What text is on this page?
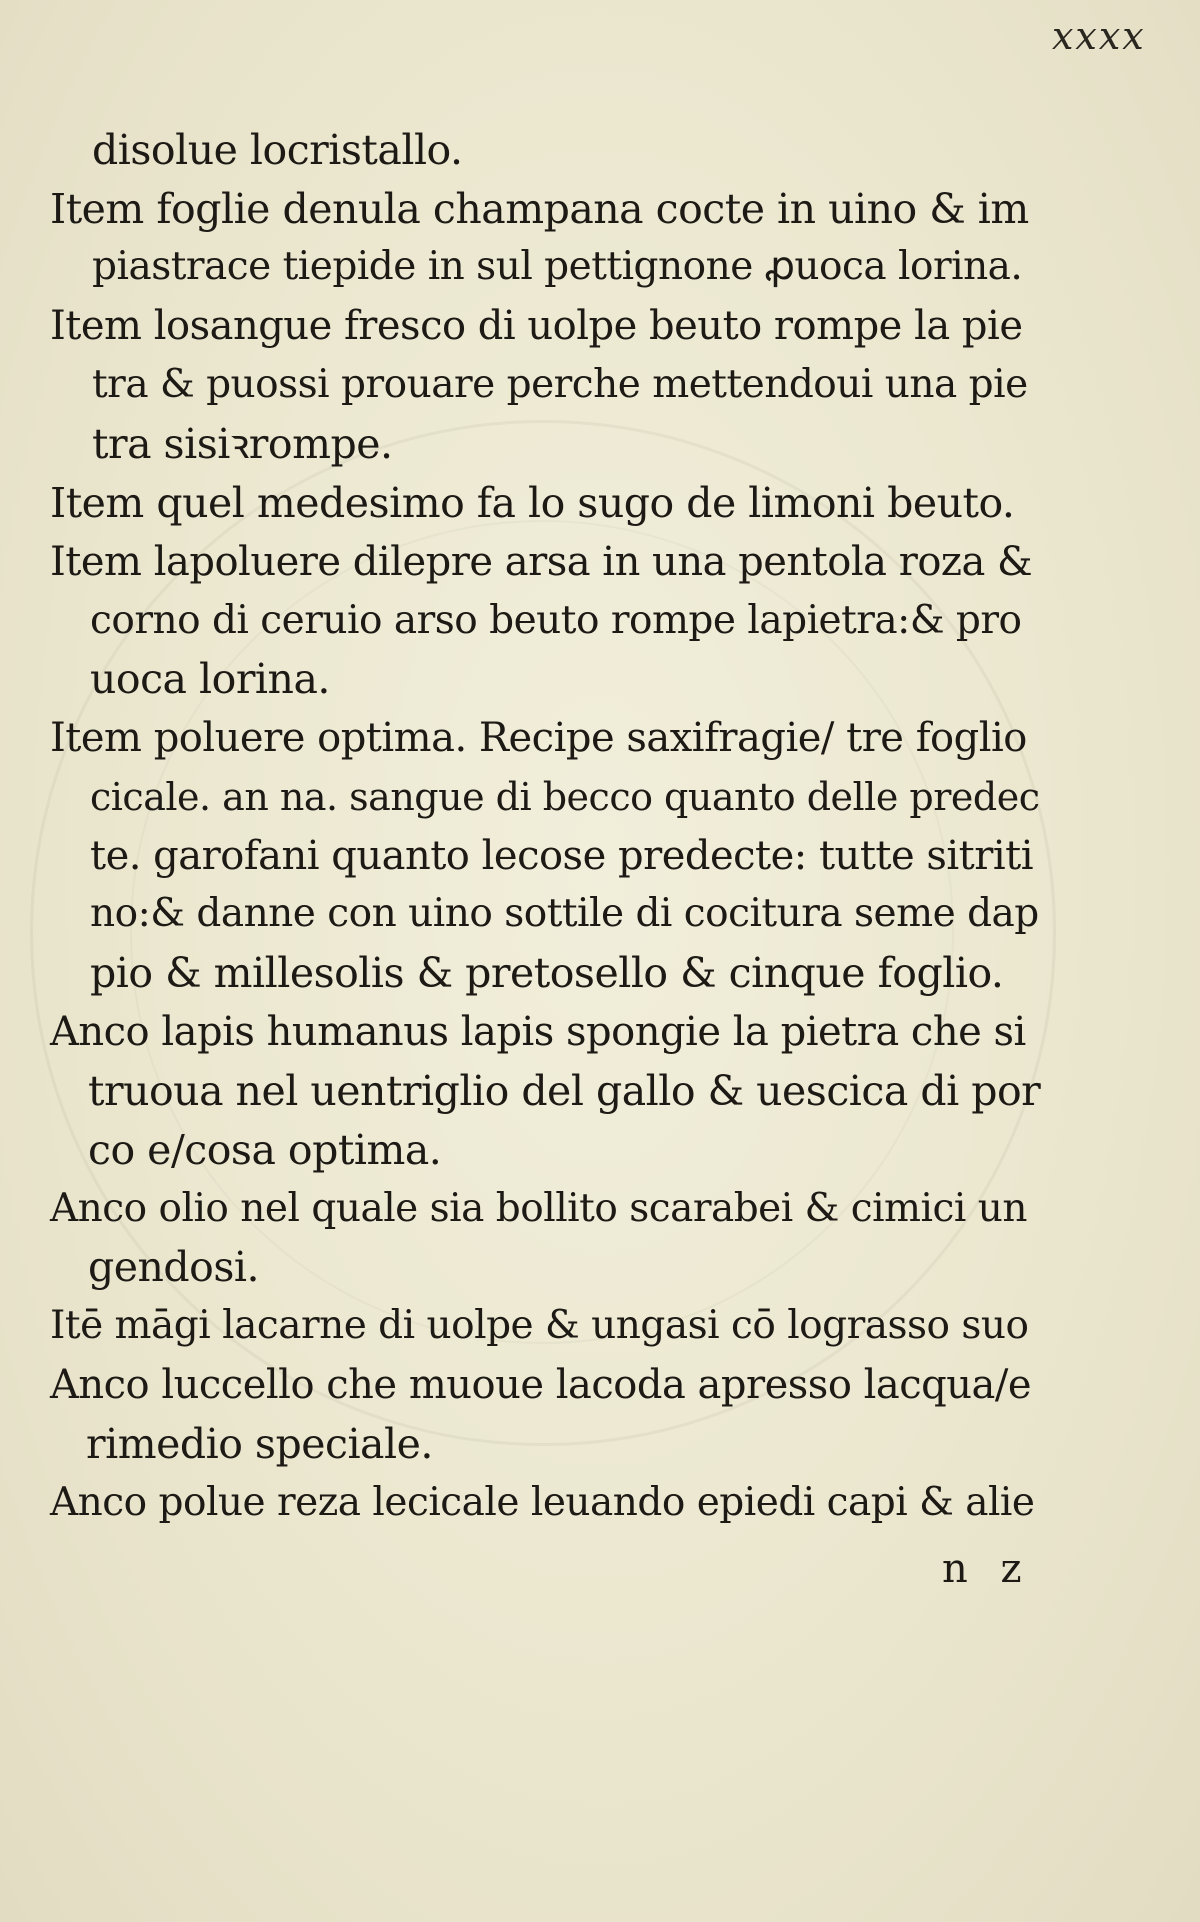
xxxx
disolue locristallo.
Item foglie denula champana cocte in uino & im
piastrace tiepide in sul pettignone ꝓuoca lorina.
Item losangue fresco di uolpe beuto rompe la pie
tra & puossi prouare perche mettendoui una pie
tra sisiꝛrompe.
Item quel medesimo fa lo sugo de limoni beuto.
Item lapoluere dilepre arsa in una pentola roza &
corno di ceruio arso beuto rompe lapietra:& pro
uoca lorina.
Item poluere optima. Recipe saxifragie/ tre foglio
cicale. an na. sangue di becco quanto delle predec
te. garofani quanto lecose predecte: tutte sitriti
no:& danne con uino sottile di cocitura seme dap
pio & millesolis & pretosello & cinque foglio.
Anco lapis humanus lapis spongie la pietra che si
truoua nel uentriglio del gallo & uescica di por
co e/cosa optima.
Anco olio nel quale sia bollito scarabei & cimici un
gendosi.
Itē māgi lacarne di uolpe & ungasi cō lograsso suo
Anco luccello che muoue lacoda apresso lacqua/e
rimedio speciale.
Anco polue reza lecicale leuando epiedi capi & alie
n z
